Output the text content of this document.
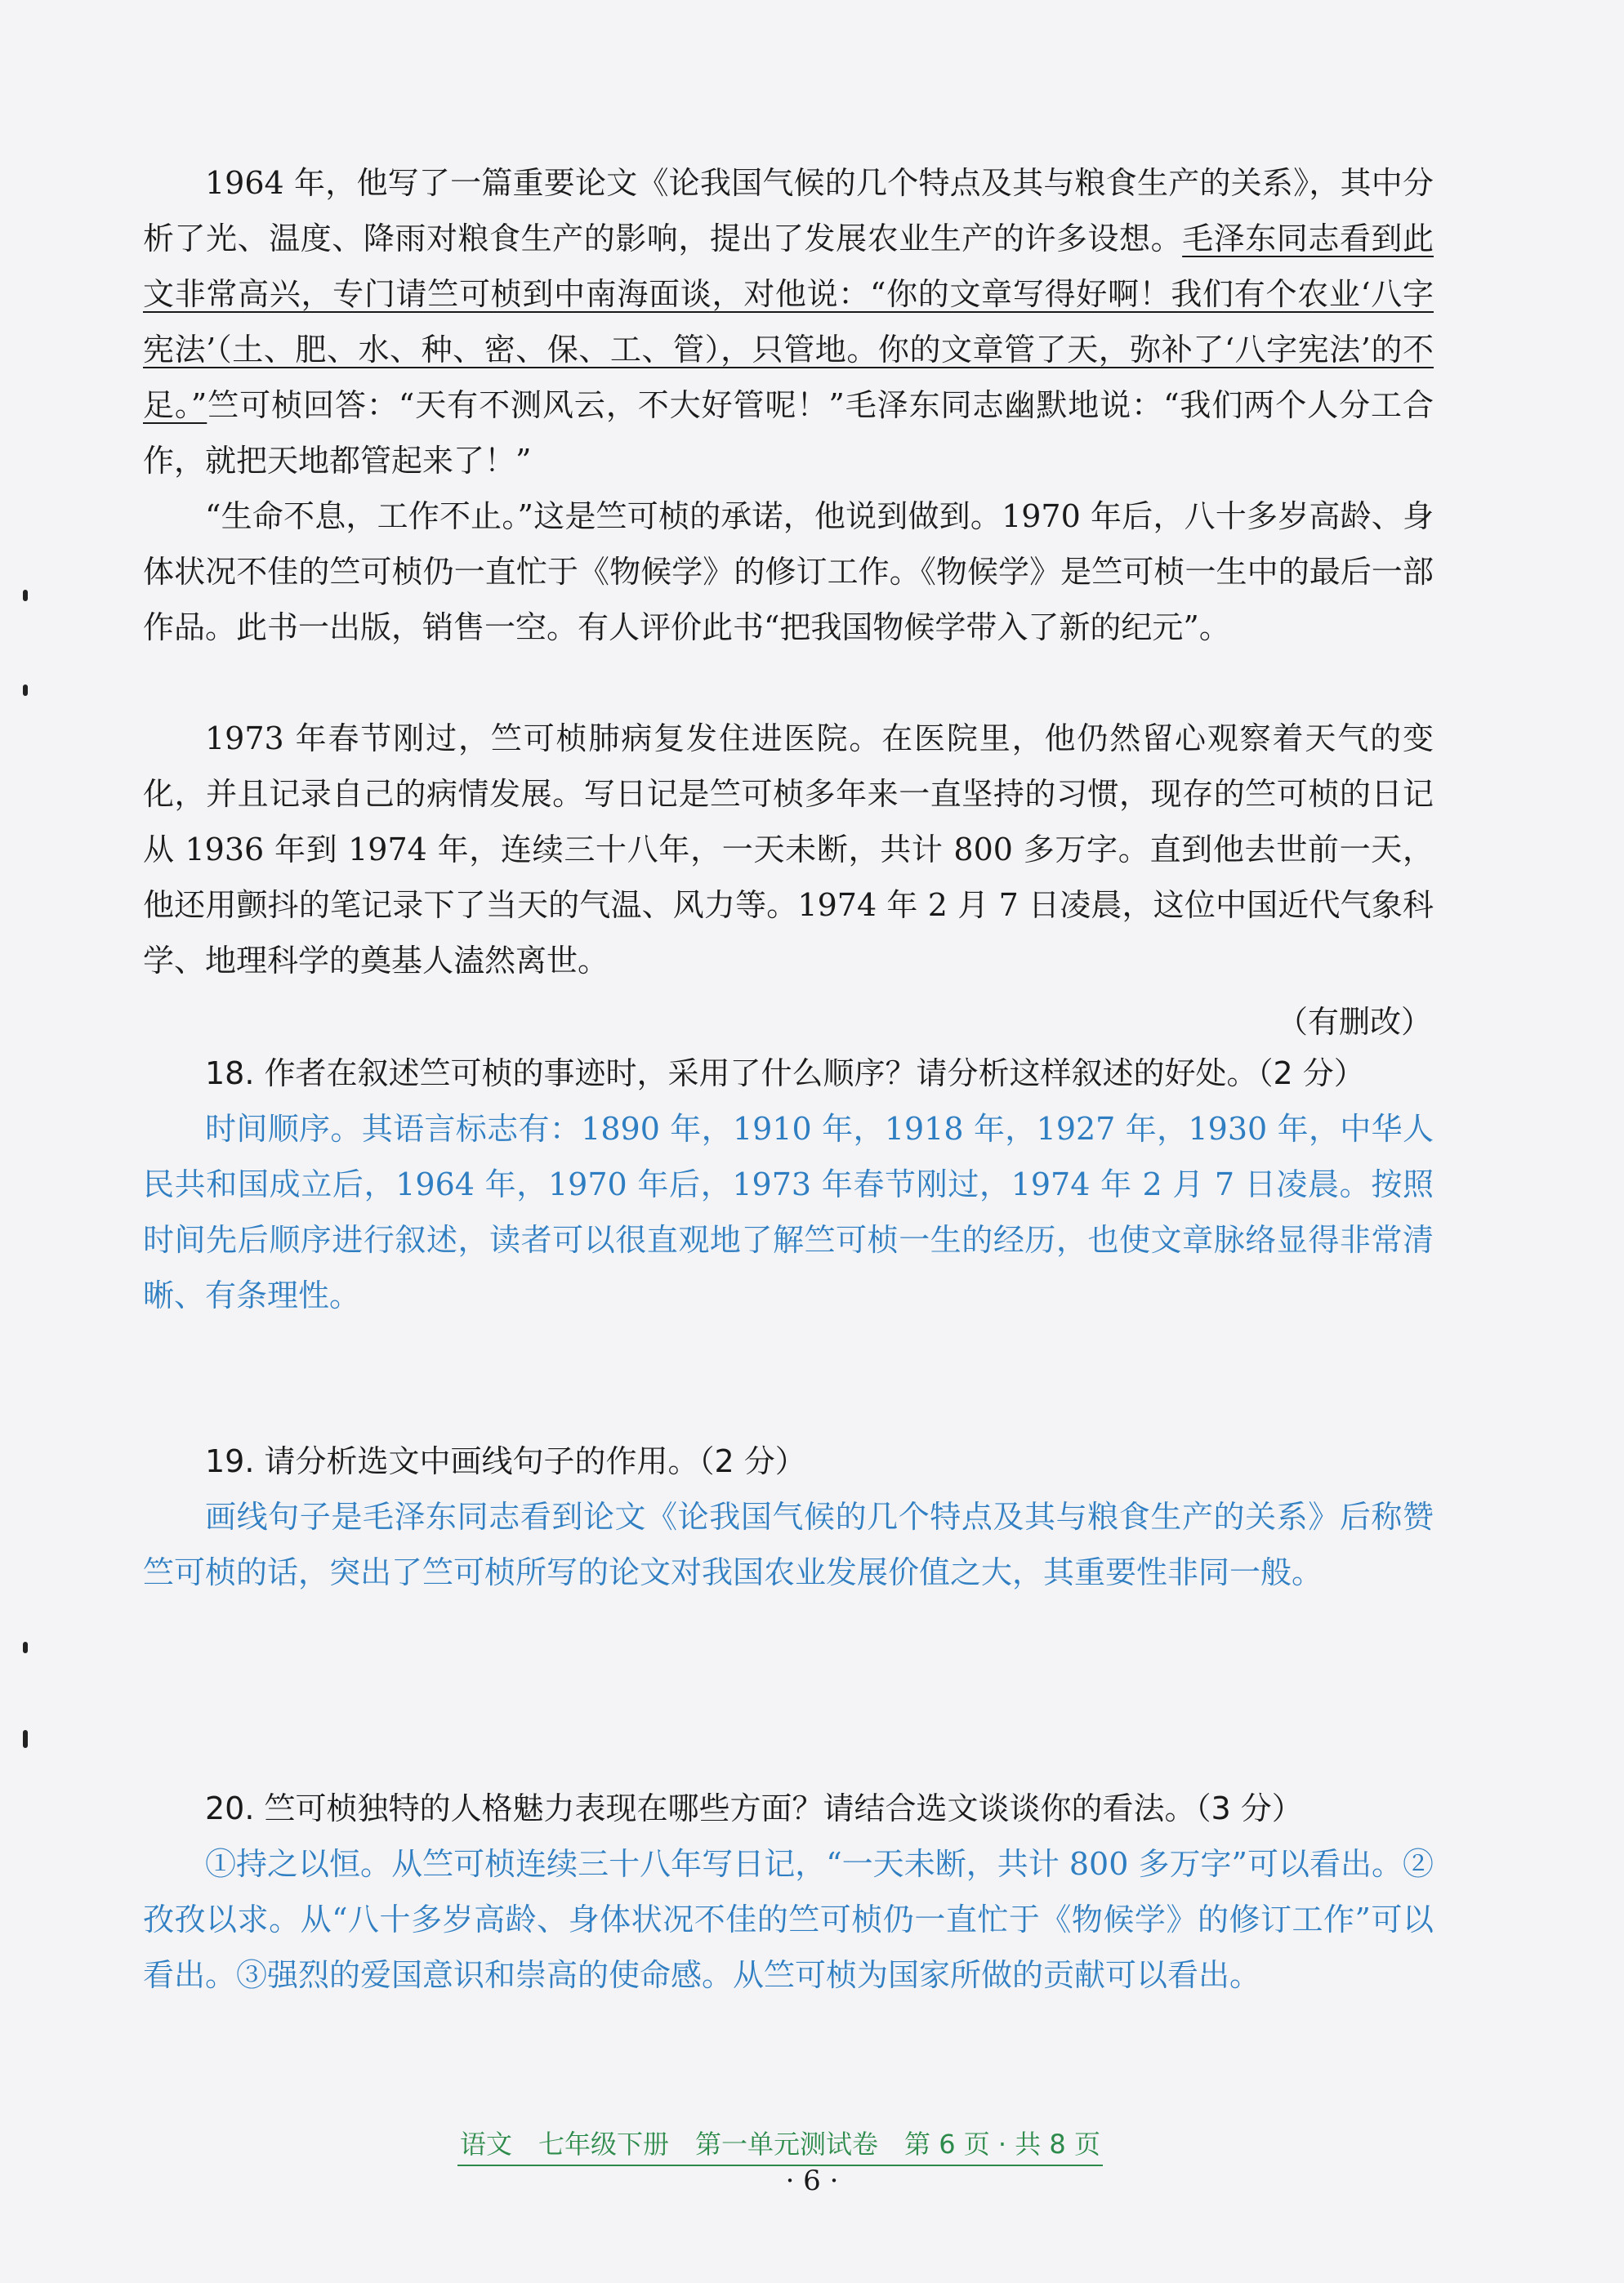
1964 年，他写了一篇重要论文《论我国气候的几个特点及其与粮食生产的关系》，其中分析了光、温度、降雨对粮食生产的影响，提出了发展农业生产的许多设想。毛泽东同志看到此文非常高兴，专门请竺可桢到中南海面谈，对他说：“你的文章写得好啊！我们有个农业‘八字宪法’（土、肥、水、种、密、保、工、管），只管地。你的文章管了天，弥补了‘八字宪法’的不足。”竺可桢回答：“天有不测风云，不大好管呢！”毛泽东同志幽默地说：“我们两个人分工合作，就把天地都管起来了！”

“生命不息，工作不止。”这是竺可桢的承诺，他说到做到。1970 年后，八十多岁高龄、身体状况不佳的竺可桢仍一直忙于《物候学》的修订工作。《物候学》是竺可桢一生中的最后一部作品。此书一出版，销售一空。有人评价此书“把我国物候学带入了新的纪元”。

1973 年春节刚过，竺可桢肺病复发住进医院。在医院里，他仍然留心观察着天气的变化，并且记录自己的病情发展。写日记是竺可桢多年来一直坚持的习惯，现存的竺可桢的日记从 1936 年到 1974 年，连续三十八年，一天未断，共计 800 多万字。直到他去世前一天，他还用颤抖的笔记录下了当天的气温、风力等。1974 年 2 月 7 日凌晨，这位中国近代气象科学、地理科学的奠基人溘然离世。

（有删改）

18. 作者在叙述竺可桢的事迹时，采用了什么顺序？请分析这样叙述的好处。（2 分）

时间顺序。其语言标志有：1890 年，1910 年，1918 年，1927 年，1930 年，中华人民共和国成立后，1964 年，1970 年后，1973 年春节刚过，1974 年 2 月 7 日凌晨。按照时间先后顺序进行叙述，读者可以很直观地了解竺可桢一生的经历，也使文章脉络显得非常清晰、有条理性。

19. 请分析选文中画线句子的作用。（2 分）

画线句子是毛泽东同志看到论文《论我国气候的几个特点及其与粮食生产的关系》后称赞竺可桢的话，突出了竺可桢所写的论文对我国农业发展价值之大，其重要性非同一般。

20. 竺可桢独特的人格魅力表现在哪些方面？请结合选文谈谈你的看法。（3 分）

①持之以恒。从竺可桢连续三十八年写日记，“一天未断，共计 800 多万字”可以看出。②孜孜以求。从“八十多岁高龄、身体状况不佳的竺可桢仍一直忙于《物候学》的修订工作”可以看出。③强烈的爱国意识和崇高的使命感。从竺可桢为国家所做的贡献可以看出。

语文　七年级下册　第一单元测试卷　第 6 页 · 共 8 页
· 6 ·
